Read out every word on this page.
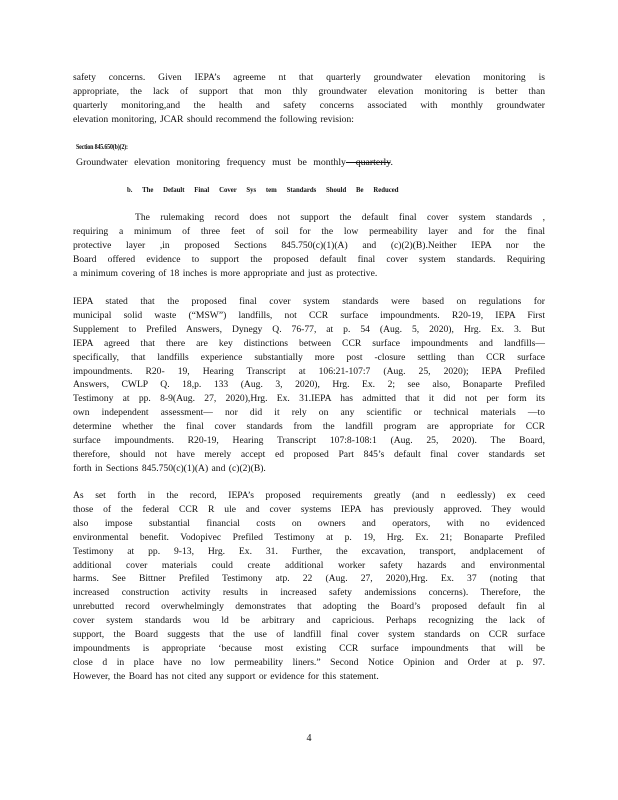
safety concerns. Given IEPA’s agreeme nt that quarterly groundwater elevation monitoring is
appropriate, the lack of support that mon thly groundwater elevation monitoring is better than
quarterly monitoring,and the health and safety concerns associated with monthly groundwater
elevation monitoring, JCAR should recommend the following revision:
Section 845.650(b)(2):
Groundwater elevation monitoring frequency must be monthly—quarterly.
b. The Default Final Cover Sys tem Standards Should Be Reduced
The rulemaking record does not support the default final cover system standards ,
requiring a minimum of three feet of soil for the low permeability layer and for the final
protective layer ,in proposed Sections 845.750(c)(1)(A) and (c)(2)(B).Neither IEPA nor the
Board offered evidence to support the proposed default final cover system standards. Requiring
a minimum covering of 18 inches is more appropriate and just as protective.
IEPA stated that the proposed final cover system standards were based on regulations for
municipal solid waste (“MSW”) landfills, not CCR surface impoundments. R20-19, IEPA First
Supplement to Prefiled Answers, Dynegy Q. 76-77, at p. 54 (Aug. 5, 2020), Hrg. Ex. 3. But
IEPA agreed that there are key distinctions between CCR surface impoundments and landfills—
specifically, that landfills experience substantially more post -closure settling than CCR surface
impoundments. R20- 19, Hearing Transcript at 106:21-107:7 (Aug. 25, 2020); IEPA Prefiled
Answers, CWLP Q. 18,p. 133 (Aug. 3, 2020), Hrg. Ex. 2; see also, Bonaparte Prefiled
Testimony at pp. 8-9(Aug. 27, 2020),Hrg. Ex. 31.IEPA has admitted that it did not per form its
own independent assessment— nor did it rely on any scientific or technical materials —to
determine whether the final cover standards from the landfill program are appropriate for CCR
surface impoundments. R20-19, Hearing Transcript 107:8-108:1 (Aug. 25, 2020). The Board,
therefore, should not have merely accept ed proposed Part 845’s default final cover standards set
forth in Sections 845.750(c)(1)(A) and (c)(2)(B).
As set forth in the record, IEPA’s proposed requirements greatly (and n eedlessly) ex ceed
those of the federal CCR R ule and cover systems IEPA has previously approved. They would
also impose substantial financial costs on owners and operators, with no evidenced
environmental benefit. Vodopivec Prefiled Testimony at p. 19, Hrg. Ex. 21; Bonaparte Prefiled
Testimony at pp. 9-13, Hrg. Ex. 31. Further, the excavation, transport, andplacement of
additional cover materials could create additional worker safety hazards and environmental
harms. See Bittner Prefiled Testimony atp. 22 (Aug. 27, 2020),Hrg. Ex. 37 (noting that
increased construction activity results in increased safety andemissions concerns). Therefore, the
unrebutted record overwhelmingly demonstrates that adopting the Board’s proposed default fin al
cover system standards wou ld be arbitrary and capricious. Perhaps recognizing the lack of
support, the Board suggests that the use of landfill final cover system standards on CCR surface
impoundments is appropriate ‘because most existing CCR surface impoundments that will be
close d in place have no low permeability liners.” Second Notice Opinion and Order at p. 97.
However, the Board has not cited any support or evidence for this statement.
4
